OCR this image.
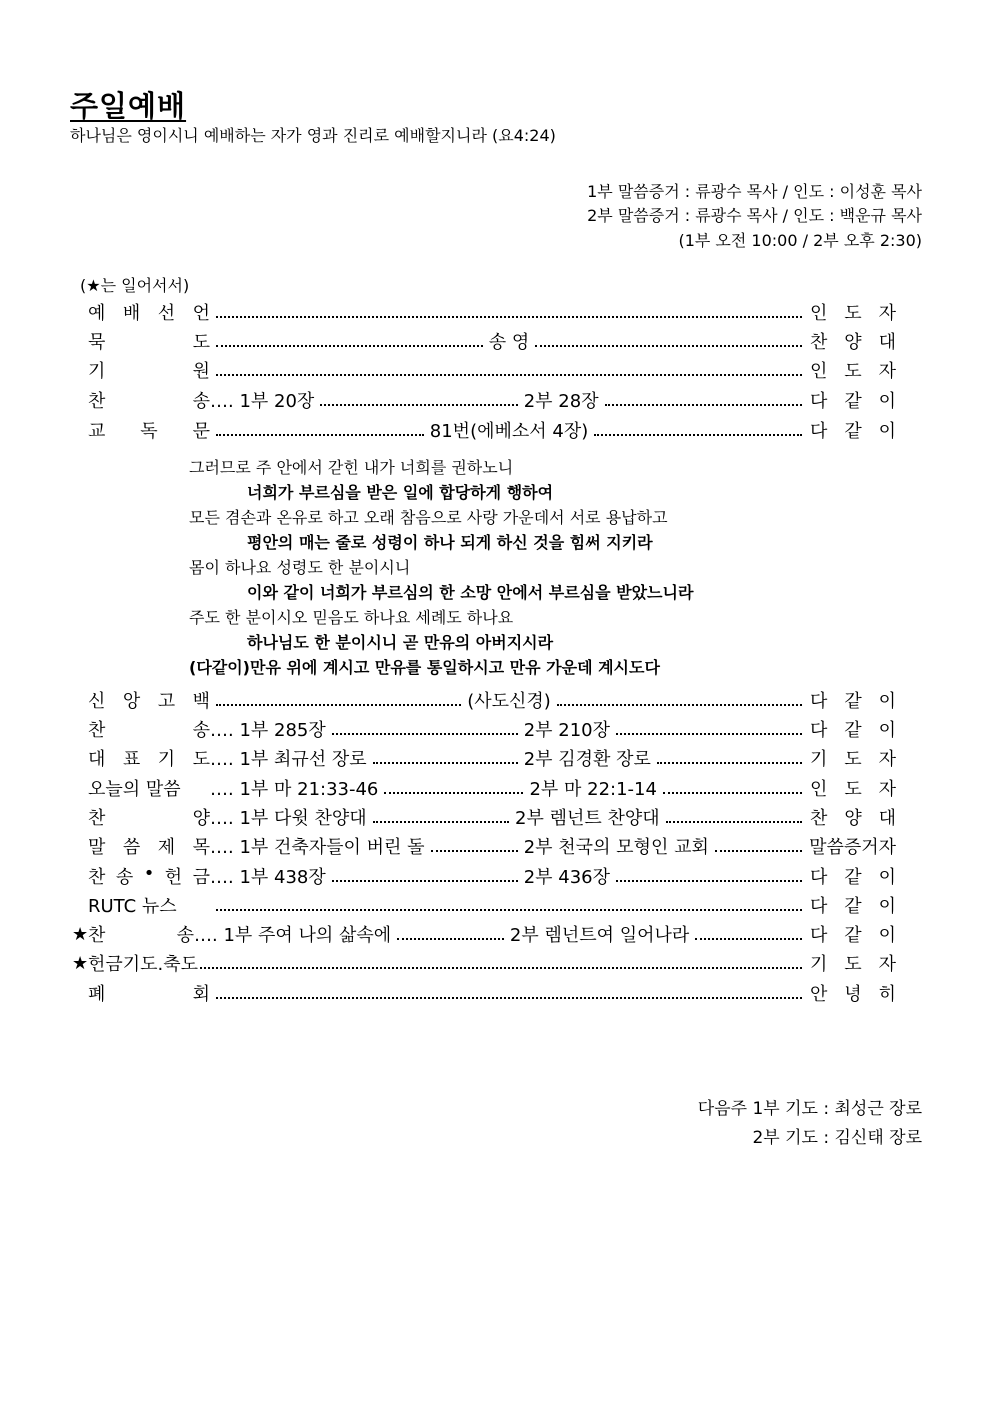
주일예배
하나님은 영이시니 예배하는 자가 영과 진리로 예배할지니라 (요4:24)
1부 말씀증거 : 류광수 목사 / 인도 : 이성훈 목사
2부 말씀증거 : 류광수 목사 / 인도 : 백운규 목사
(1부 오전 10:00 / 2부 오후 2:30)
(★는 일어서서)
예 배 선 언	인 도 자
묵	도	송 영	찬 양 대
기	원	인 도 자
찬	송 …. 1부 20장	2부 28장	다 같 이
교 독 문	81번(에베소서 4장)	다 같 이
신 앙 고 백	(사도신경)	다 같 이
찬	송 …. 1부 285장	2부 210장	다 같 이
대 표 기 도 …. 1부 최규선 장로	2부 김경환 장로	기 도 자
오늘의 말씀	…. 1부 마 21:33-46	2부 마 22:1-14	인 도 자
찬	양 …. 1부 다윗 찬양대	2부 렘넌트 찬양대	찬 양 대
말 씀 제 목 …. 1부 건축자들이 버린 돌	2부 천국의 모형인 교회	말씀증거자
찬 송 • 헌 금 …. 1부 438장	2부 436장	다 같 이
RUTC 뉴스	다 같 이
★ 찬	송 …. 1부 주여 나의 삶속에	2부 렘넌트여 일어나라	다 같 이
★ 헌금기도.축도	기 도 자
폐	회	안 녕 히
그러므로 주 안에서 갇힌 내가 너희를 권하노니
너희가 부르심을 받은 일에 합당하게 행하여
모든 겸손과 온유로 하고 오래 참음으로 사랑 가운데서 서로 용납하고
평안의 매는 줄로 성령이 하나 되게 하신 것을 힘써 지키라
몸이 하나요 성령도 한 분이시니
이와 같이 너희가 부르심의 한 소망 안에서 부르심을 받았느니라
주도 한 분이시오 믿음도 하나요 세례도 하나요
하나님도 한 분이시니 곧 만유의 아버지시라
(다같이)만유 위에 계시고 만유를 통일하시고 만유 가운데 계시도다
다음주 1부 기도 : 최성근 장로
2부 기도 : 김신태 장로
